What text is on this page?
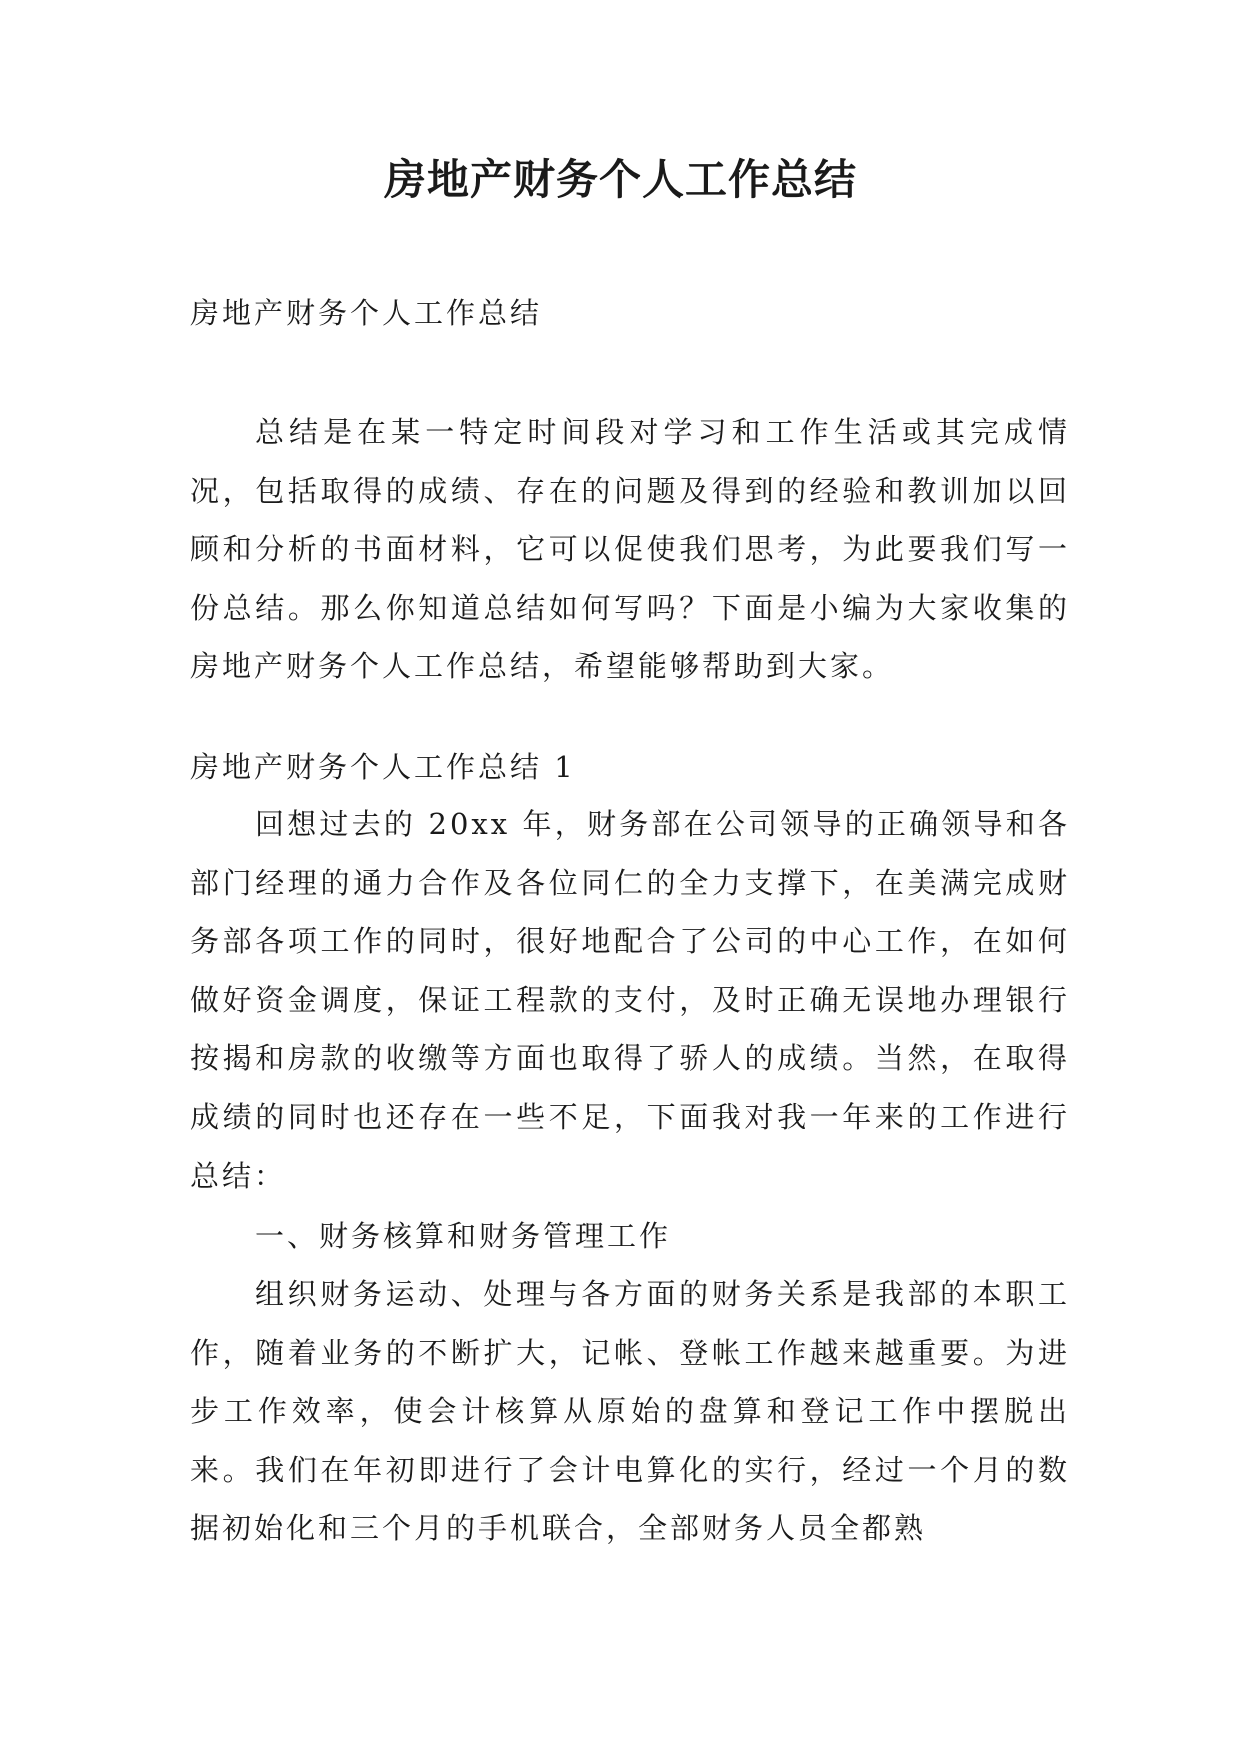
房地产财务个人工作总结

房地产财务个人工作总结

总结是在某一特定时间段对学习和工作生活或其完成情况，包括取得的成绩、存在的问题及得到的经验和教训加以回顾和分析的书面材料，它可以促使我们思考，为此要我们写一份总结。那么你知道总结如何写吗？下面是小编为大家收集的房地产财务个人工作总结，希望能够帮助到大家。

房地产财务个人工作总结 1

回想过去的 20xx 年，财务部在公司领导的正确领导和各部门经理的通力合作及各位同仁的全力支撑下，在美满完成财务部各项工作的同时，很好地配合了公司的中心工作，在如何做好资金调度，保证工程款的支付，及时正确无误地办理银行按揭和房款的收缴等方面也取得了骄人的成绩。当然，在取得成绩的同时也还存在一些不足，下面我对我一年来的工作进行总结：

一、财务核算和财务管理工作

组织财务运动、处理与各方面的财务关系是我部的本职工作，随着业务的不断扩大，记帐、登帐工作越来越重要。为进步工作效率，使会计核算从原始的盘算和登记工作中摆脱出来。我们在年初即进行了会计电算化的实行，经过一个月的数据初始化和三个月的手机联合，全部财务人员全都熟
